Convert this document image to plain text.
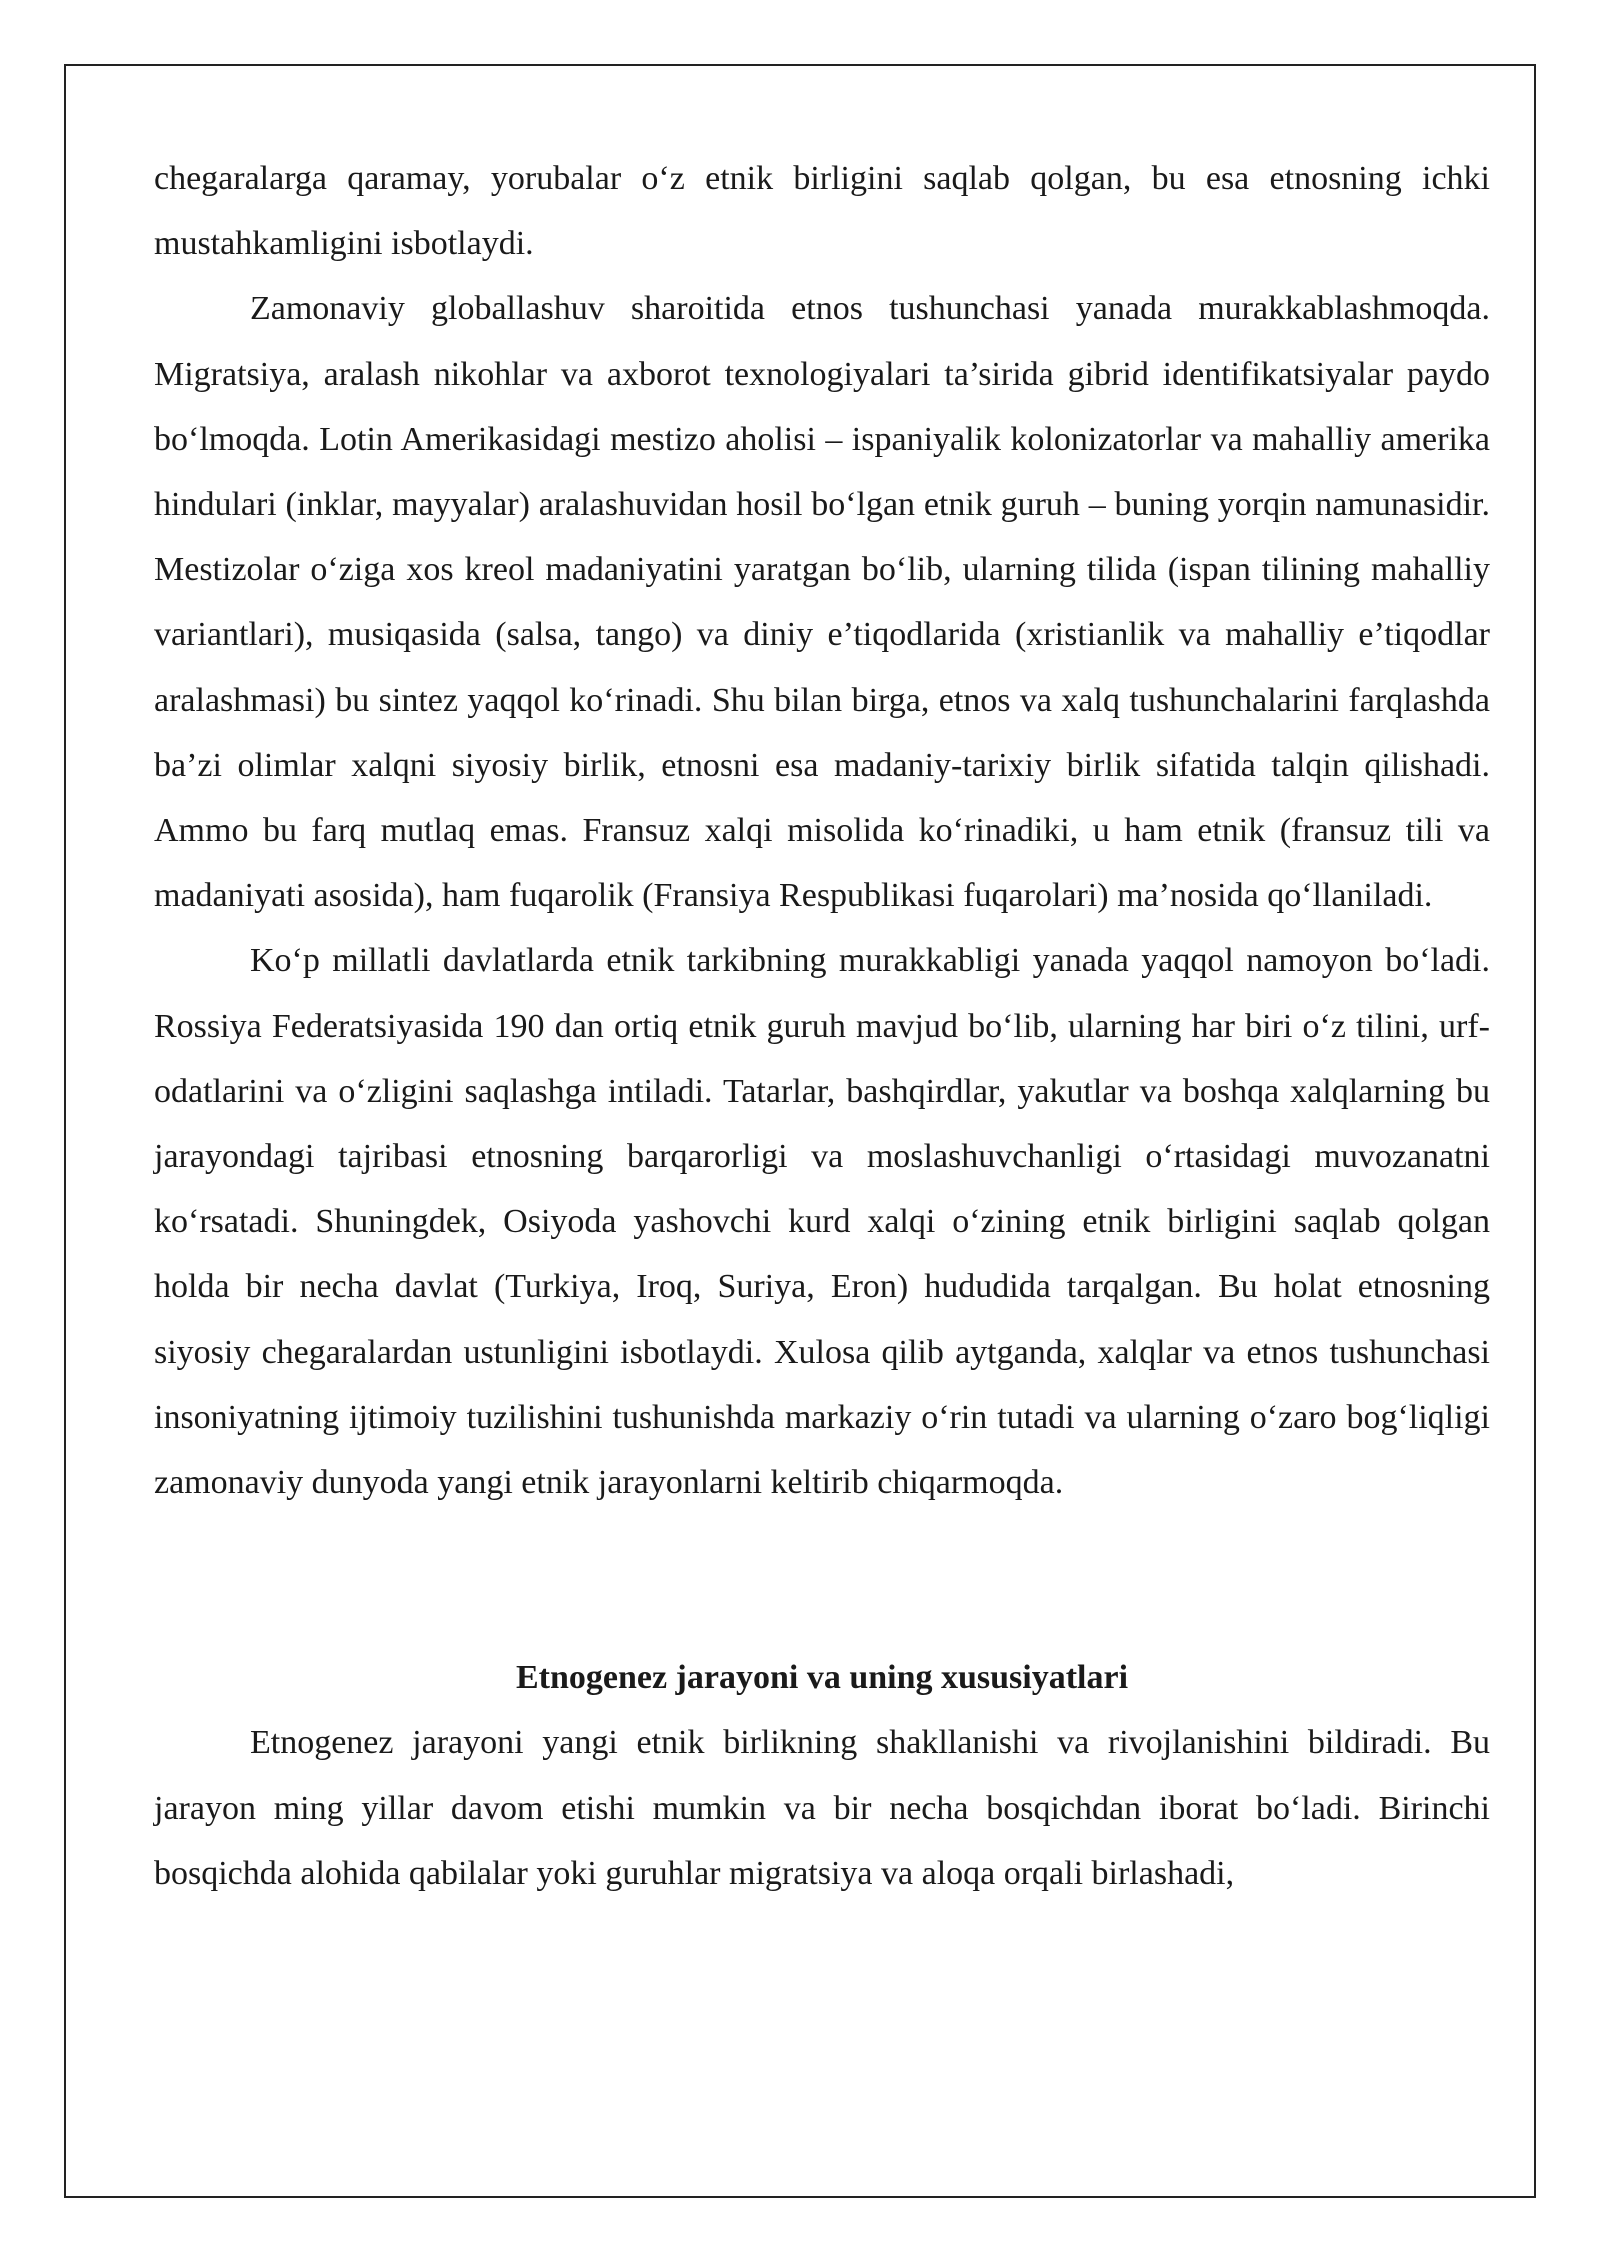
chegaralarga qaramay, yorubalar o‘z etnik birligini saqlab qolgan, bu esa etnosning ichki mustahkamligini isbotlaydi.

Zamonaviy globallashuv sharoitida etnos tushunchasi yanada murakkablashmoqda. Migratsiya, aralash nikohlar va axborot texnologiyalari ta’sirida gibrid identifikatsiyalar paydo bo‘lmoqda. Lotin Amerikasidagi mestizo aholisi – ispaniyalik kolonizatorlar va mahalliy amerika hindulari (inklar, mayyalar) aralashuvidan hosil bo‘lgan etnik guruh – buning yorqin namunasidir. Mestizolar o‘ziga xos kreol madaniyatini yaratgan bo‘lib, ularning tilida (ispan tilining mahalliy variantlari), musiqasida (salsa, tango) va diniy e’tiqodlarida (xristianlik va mahalliy e’tiqodlar aralashmasi) bu sintez yaqqol ko‘rinadi. Shu bilan birga, etnos va xalq tushunchalarini farqlashda ba’zi olimlar xalqni siyosiy birlik, etnosni esa madaniy-tarixiy birlik sifatida talqin qilishadi. Ammo bu farq mutlaq emas. Fransuz xalqi misolida ko‘rinadiki, u ham etnik (fransuz tili va madaniyati asosida), ham fuqarolik (Fransiya Respublikasi fuqarolari) ma’nosida qo‘llaniladi.

Ko‘p millatli davlatlarda etnik tarkibning murakkabligi yanada yaqqol namoyon bo‘ladi. Rossiya Federatsiyasida 190 dan ortiq etnik guruh mavjud bo‘lib, ularning har biri o‘z tilini, urf-odatlarini va o‘zligini saqlashga intiladi. Tatarlar, bashqirdlar, yakutlar va boshqa xalqlarning bu jarayondagi tajribasi etnosning barqarorligi va moslashuvchanligi o‘rtasidagi muvozanatni ko‘rsatadi. Shuningdek, Osiyoda yashovchi kurd xalqi o‘zining etnik birligini saqlab qolgan holda bir necha davlat (Turkiya, Iroq, Suriya, Eron) hududida tarqalgan. Bu holat etnosning siyosiy chegaralardan ustunligini isbotlaydi. Xulosa qilib aytganda, xalqlar va etnos tushunchasi insoniyatning ijtimoiy tuzilishini tushunishda markaziy o‘rin tutadi va ularning o‘zaro bog‘liqligi zamonaviy dunyoda yangi etnik jarayonlarni keltirib chiqarmoqda.

Etnogenez jarayoni va uning xususiyatlari

Etnogenez jarayoni yangi etnik birlikning shakllanishi va rivojlanishini bildiradi. Bu jarayon ming yillar davom etishi mumkin va bir necha bosqichdan iborat bo‘ladi. Birinchi bosqichda alohida qabilalar yoki guruhlar migratsiya va aloqa orqali birlashadi,
